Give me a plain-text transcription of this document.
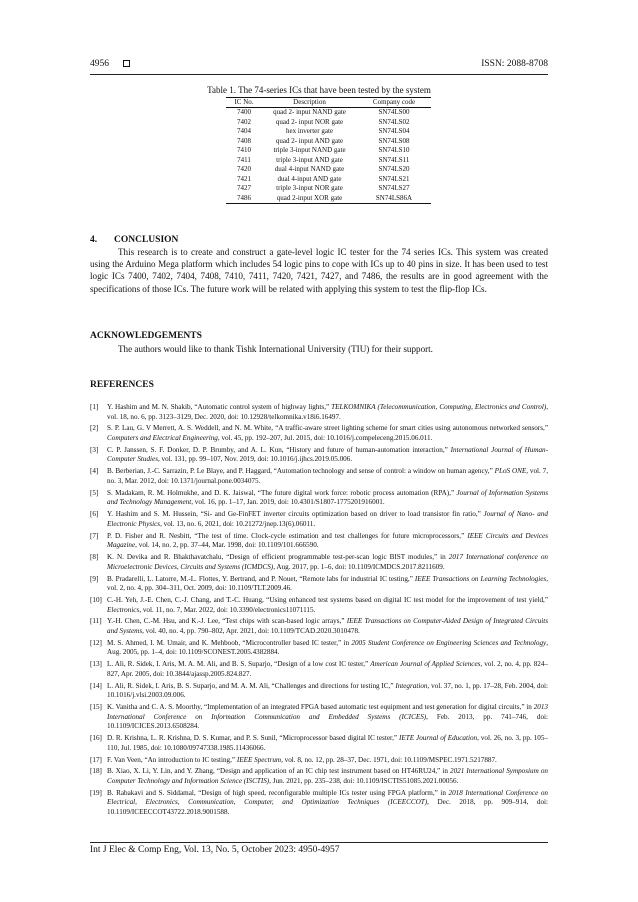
4956	ISSN: 2088-8708
Table 1. The 74-series ICs that have been tested by the system
IC No.	Description	Company code
7400	quad 2- input NAND gate	SN74LS00
7402	quad 2- input NOR gate	SN74LS02
7404	hex inverter gate	SN74LS04
7408	quad 2- input AND gate	SN74LS08
7410	triple 3-input NAND gate	SN74LS10
7411	triple 3-input AND gate	SN74LS11
7420	dual 4-input NAND gate	SN74LS20
7421	dual 4-input AND gate	SN74LS21
7427	triple 3-input NOR gate	SN74LS27
7486	quad 2-input XOR gate	SN74LS86A
4. CONCLUSION
This research is to create and construct a gate-level logic IC tester for the 74 series ICs. This system was created using the Arduino Mega platform which includes 54 logic pins to cope with ICs up to 40 pins in size. It has been used to test logic ICs 7400, 7402, 7404, 7408, 7410, 7411, 7420, 7421, 7427, and 7486, the results are in good agreement with the specifications of those ICs. The future work will be related with applying this system to test the flip-flop ICs.
ACKNOWLEDGEMENTS
The authors would like to thank Tishk International University (TIU) for their support.
REFERENCES
[1] Y. Hashim and M. N. Shakib, “Automatic control system of highway lights,” TELKOMNIKA (Telecommunication, Computing, Electronics and Control), vol. 18, no. 6, pp. 3123–3129, Dec. 2020, doi: 10.12928/telkomnika.v18i6.16497.
[2] S. P. Lau, G. V Merrett, A. S. Weddell, and N. M. White, “A traffic-aware street lighting scheme for smart cities using autonomous networked sensors,” Computers and Electrical Engineering, vol. 45, pp. 192–207, Jul. 2015, doi: 10.1016/j.compeleceng.2015.06.011.
[3] C. P. Janssen, S. F. Donker, D. P. Brumby, and A. L. Kun, “History and future of human-automation interaction,” International Journal of Human-Computer Studies, vol. 131, pp. 99–107, Nov. 2019, doi: 10.1016/j.ijhcs.2019.05.006.
[4] B. Berberian, J.-C. Sarrazin, P. Le Blaye, and P. Haggard, “Automation technology and sense of control: a window on human agency,” PLoS ONE, vol. 7, no. 3, Mar. 2012, doi: 10.1371/journal.pone.0034075.
[5] S. Madakam, R. M. Holmukhe, and D. K. Jaiswal, “The future digital work force: robotic process automation (RPA),” Journal of Information Systems and Technology Management, vol. 16, pp. 1–17, Jan. 2019, doi: 10.4301/S1807-1775201916001.
[6] Y. Hashim and S. M. Hussein, “Si- and Ge-FinFET inverter circuits optimization based on driver to load transistor fin ratio,” Journal of Nano- and Electronic Physics, vol. 13, no. 6, 2021, doi: 10.21272/jnep.13(6).06011.
[7] P. D. Fisher and R. Nesbitt, “The test of time. Clock-cycle estimation and test challenges for future microprocessors,” IEEE Circuits and Devices Magazine, vol. 14, no. 2, pp. 37–44, Mar. 1998, doi: 10.1109/101.666590.
[8] K. N. Devika and R. Bhakthavatchalu, “Design of efficient programmable test-per-scan logic BIST modules,” in 2017 International conference on Microelectronic Devices, Circuits and Systems (ICMDCS), Aug. 2017, pp. 1–6, doi: 10.1109/ICMDCS.2017.8211609.
[9] B. Pradarelli, L. Latorre, M.-L. Flottes, Y. Bertrand, and P. Nouet, “Remote labs for industrial IC testing,” IEEE Transactions on Learning Technologies, vol. 2, no. 4, pp. 304–311, Oct. 2009, doi: 10.1109/TLT.2009.46.
[10] C.-H. Yeh, J.-E. Chen, C.-J. Chang, and T.-C. Huang, “Using enhanced test systems based on digital IC test model for the improvement of test yield,” Electronics, vol. 11, no. 7, Mar. 2022, doi: 10.3390/electronics11071115.
[11] Y.-H. Chen, C.-M. Hsu, and K.-J. Lee, “Test chips with scan-based logic arrays,” IEEE Transactions on Computer-Aided Design of Integrated Circuits and Systems, vol. 40, no. 4, pp. 790–802, Apr. 2021, doi: 10.1109/TCAD.2020.3010478.
[12] M. S. Ahmed, I. M. Umair, and K. Mehboob, “Microcontroller based IC tester,” in 2005 Student Conference on Engineering Sciences and Technology, Aug. 2005, pp. 1–4, doi: 10.1109/SCONEST.2005.4382884.
[13] L. Ali, R. Sidek, I. Aris, M. A. M. Ali, and B. S. Suparjo, “Design of a low cost IC tester,” American Journal of Applied Sciences, vol. 2, no. 4, pp. 824–827, Apr. 2005, doi: 10.3844/ajassp.2005.824.827.
[14] L. Ali, R. Sidek, I. Aris, B. S. Suparjo, and M. A. M. Ali, “Challenges and directions for testing IC,” Integration, vol. 37, no. 1, pp. 17–28, Feb. 2004, doi: 10.1016/j.vlsi.2003.09.006.
[15] K. Vanitha and C. A. S. Moorthy, “Implementation of an integrated FPGA based automatic test equipment and test generation for digital circuits,” in 2013 International Conference on Information Communication and Embedded Systems (ICICES), Feb. 2013, pp. 741–746, doi: 10.1109/ICICES.2013.6508284.
[16] D. R. Krishna, L. R. Krishna, D. S. Kumar, and P. S. Sunil, “Microprocessor based digital IC tester,” IETE Journal of Education, vol. 26, no. 3, pp. 105–110, Jul. 1985, doi: 10.1080/09747338.1985.11436066.
[17] F. Van Veen, “An introduction to IC testing,” IEEE Spectrum, vol. 8, no. 12, pp. 28–37, Dec. 1971, doi: 10.1109/MSPEC.1971.5217887.
[18] B. Xiao, X. Li, Y. Lin, and Y. Zhang, “Design and application of an IC chip test instrument based on HT46RU24,” in 2021 International Symposium on Computer Technology and Information Science (ISCTIS), Jun. 2021, pp. 235–238, doi: 10.1109/ISCTIS51085.2021.00056.
[19] B. Rabakavi and S. Siddamal, “Design of high speed, reconfigurable multiple ICs tester using FPGA platform,” in 2018 International Conference on Electrical, Electronics, Communication, Computer, and Optimization Techniques (ICEECCOT), Dec. 2018, pp. 909–914, doi: 10.1109/ICEECCOT43722.2018.9001588.
Int J Elec & Comp Eng, Vol. 13, No. 5, October 2023: 4950-4957
